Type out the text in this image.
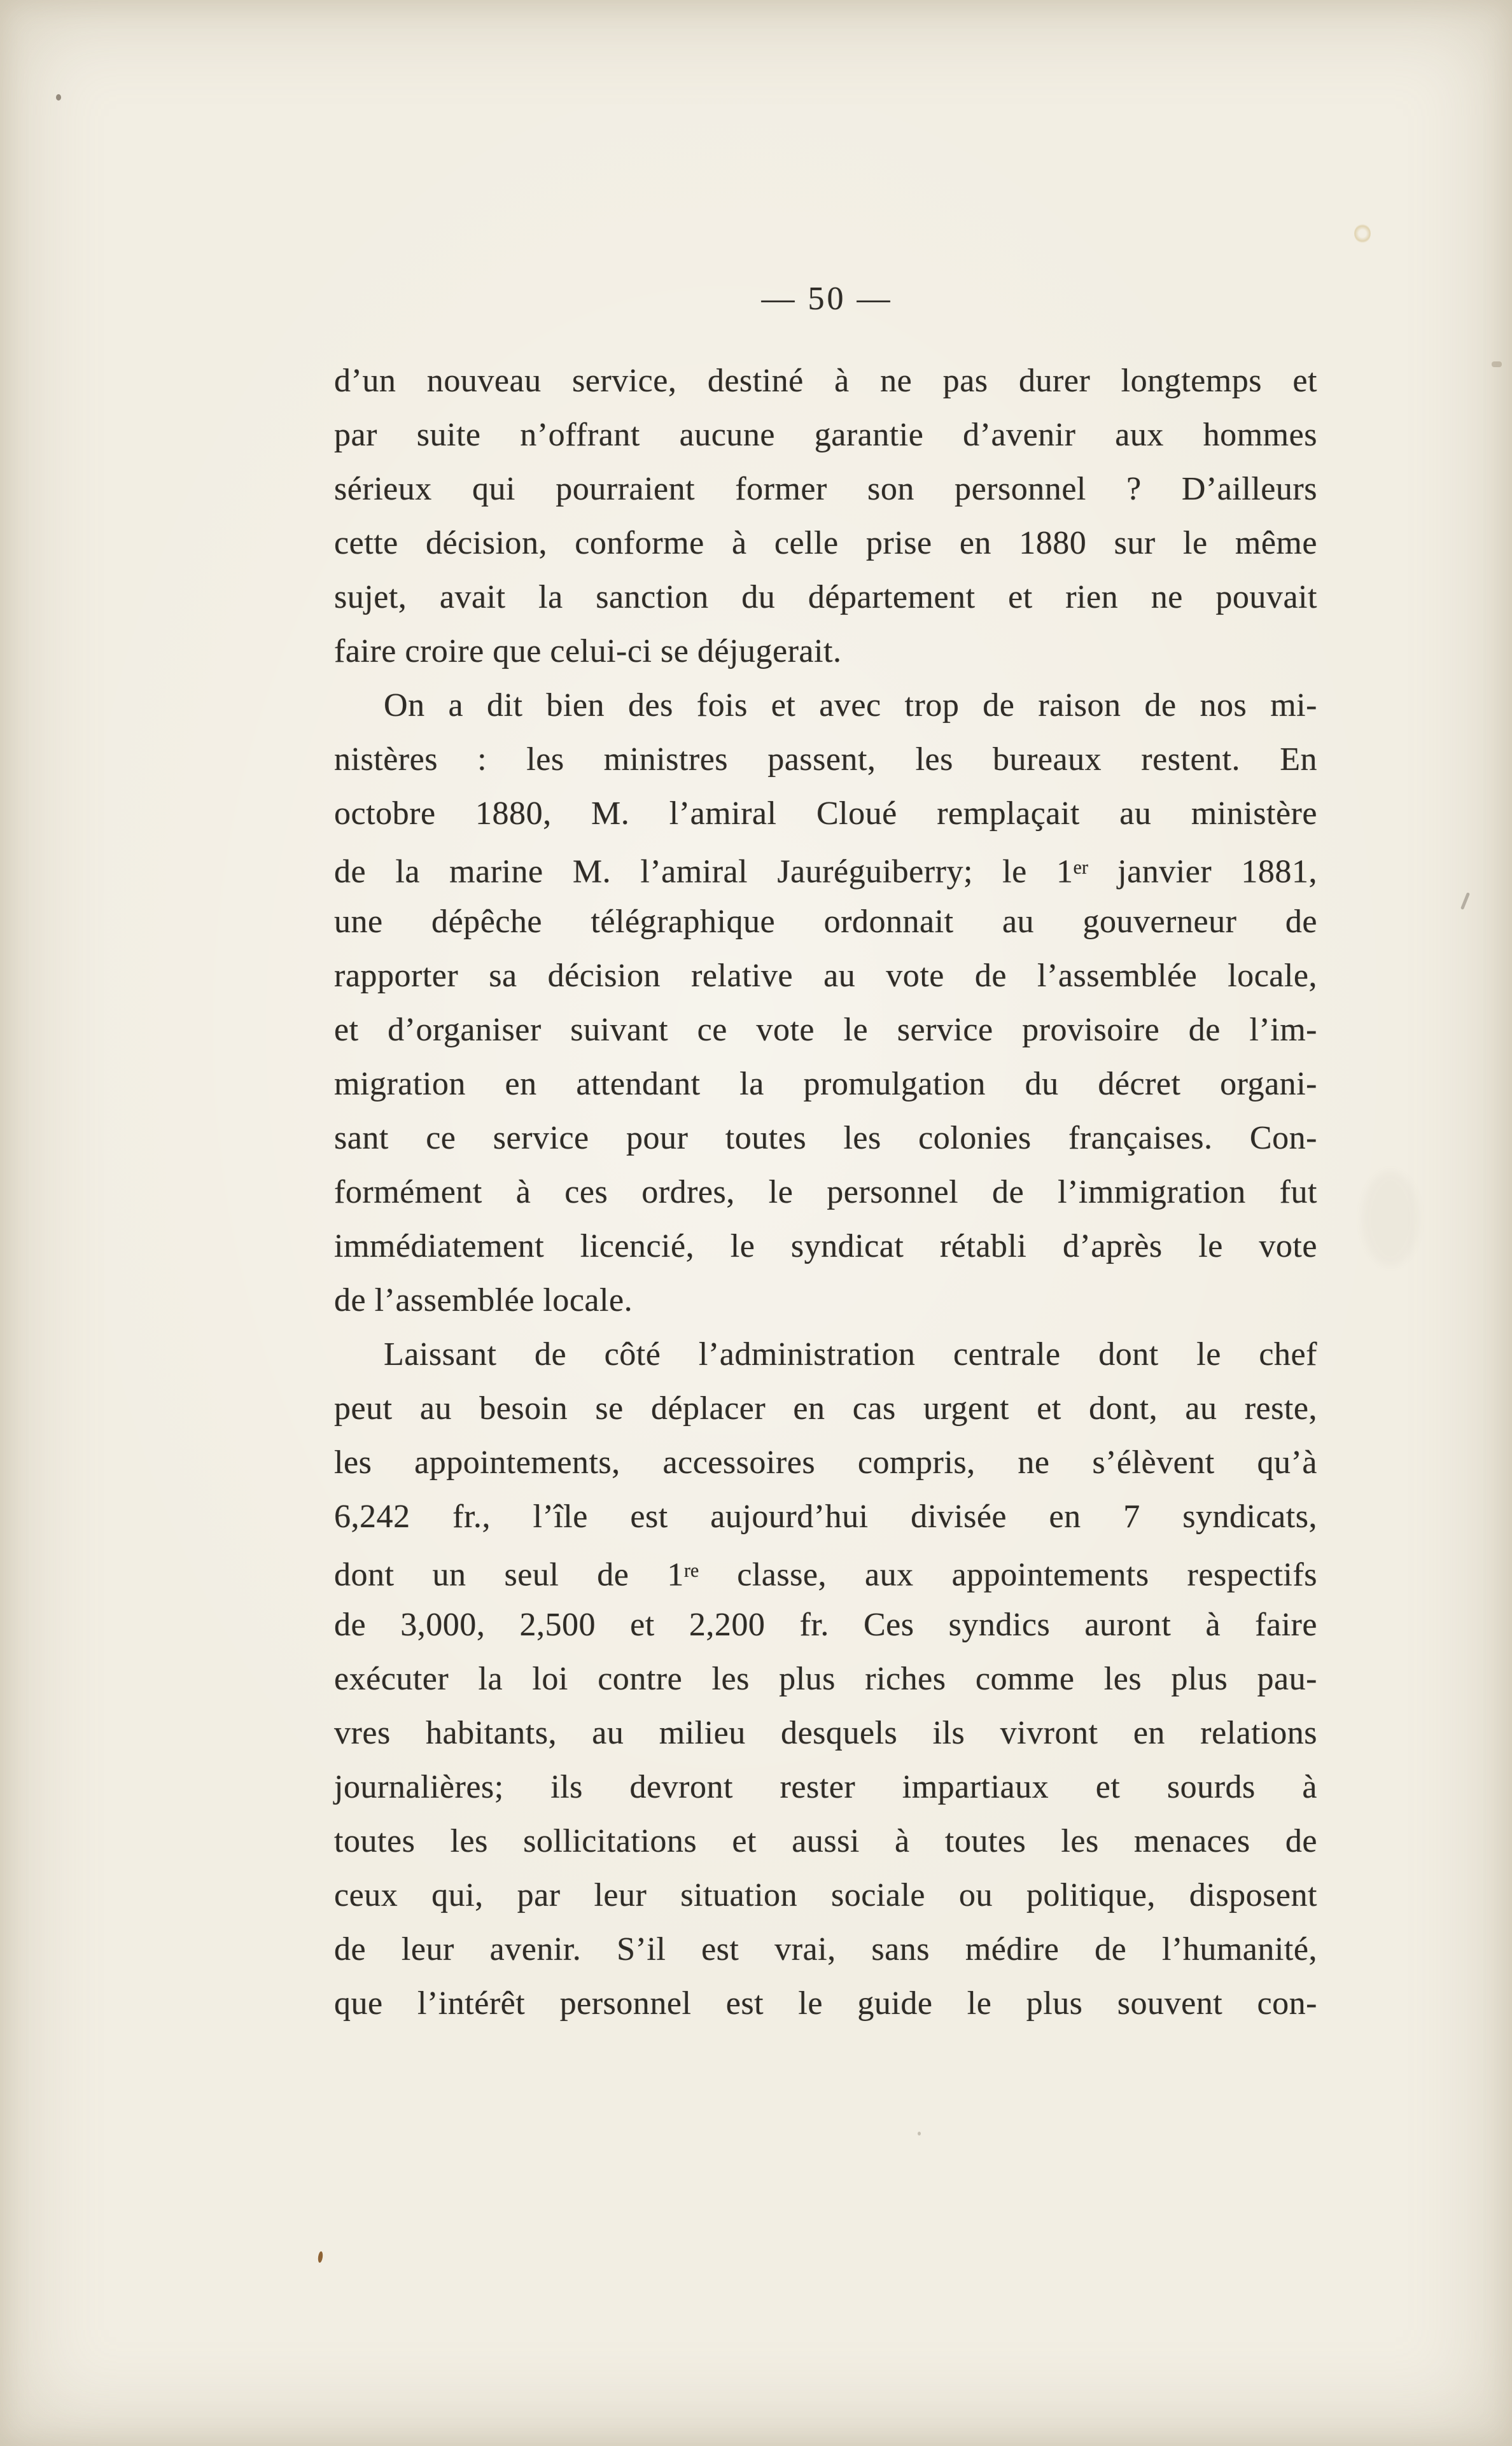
— 50 —
d’un nouveau service, destiné à ne pas durer longtemps et
par suite n’offrant aucune garantie d’avenir aux hommes
sérieux qui pourraient former son personnel ? D’ailleurs
cette décision, conforme à celle prise en 1880 sur le même
sujet, avait la sanction du département et rien ne pouvait
faire croire que celui-ci se déjugerait.
On a dit bien des fois et avec trop de raison de nos mi-
nistères : les ministres passent, les bureaux restent. En
octobre 1880, M. l’amiral Cloué remplaçait au ministère
de la marine M. l’amiral Jauréguiberry; le 1er janvier 1881,
une dépêche télégraphique ordonnait au gouverneur de
rapporter sa décision relative au vote de l’assemblée locale,
et d’organiser suivant ce vote le service provisoire de l’im-
migration en attendant la promulgation du décret organi-
sant ce service pour toutes les colonies françaises. Con-
formément à ces ordres, le personnel de l’immigration fut
immédiatement licencié, le syndicat rétabli d’après le vote
de l’assemblée locale.
Laissant de côté l’administration centrale dont le chef
peut au besoin se déplacer en cas urgent et dont, au reste,
les appointements, accessoires compris, ne s’élèvent qu’à
6,242 fr., l’île est aujourd’hui divisée en 7 syndicats,
dont un seul de 1re classe, aux appointements respectifs
de 3,000, 2,500 et 2,200 fr. Ces syndics auront à faire
exécuter la loi contre les plus riches comme les plus pau-
vres habitants, au milieu desquels ils vivront en relations
journalières; ils devront rester impartiaux et sourds à
toutes les sollicitations et aussi à toutes les menaces de
ceux qui, par leur situation sociale ou politique, disposent
de leur avenir. S’il est vrai, sans médire de l’humanité,
que l’intérêt personnel est le guide le plus souvent con-
